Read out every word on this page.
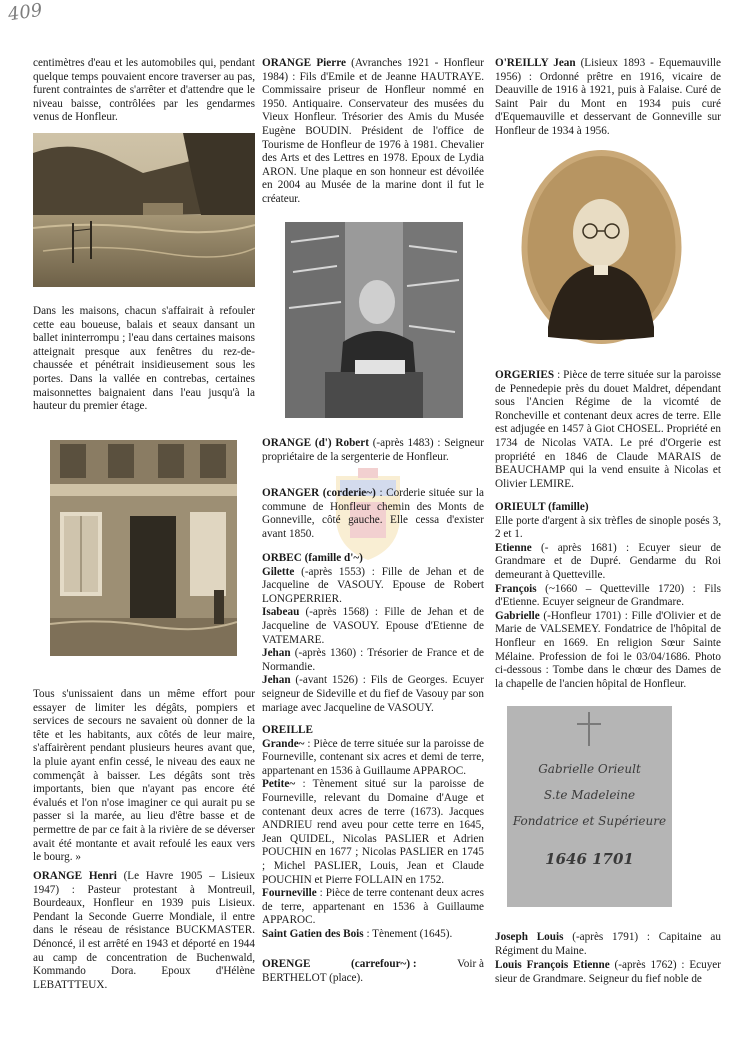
409

centimètres d'eau et les automobiles qui, pendant quelque temps pouvaient encore traverser au pas, furent contraintes de s'arrêter et d'attendre que le niveau baisse, contrôlées par les gendarmes venus de Honfleur.

Dans les maisons, chacun s'affairait à refouler cette eau boueuse, balais et seaux dansant un ballet ininterrompu ; l'eau dans certaines maisons atteignait presque aux fenêtres du rez-de-chaussée et pénétrait insidieusement sous les portes. Dans la vallée en contrebas, certaines maisonnettes baignaient dans l'eau jusqu'à la hauteur du premier étage.

Tous s'unissaient dans un même effort pour essayer de limiter les dégâts, pompiers et services de secours ne savaient où donner de la tête et les habitants, aux côtés de leur maire, s'affairèrent pendant plusieurs heures avant que, la pluie ayant enfin cessé, le niveau des eaux ne commençât à baisser. Les dégâts sont très importants, bien que n'ayant pas encore été évalués et l'on n'ose imaginer ce qui aurait pu se passer si la marée, au lieu d'être basse et de permettre de par ce fait à la rivière de se déverser avait été montante et avait refoulé les eaux vers le bourg. »

ORANGE Henri (Le Havre 1905 – Lisieux 1947) : Pasteur protestant à Montreuil, Bourdeaux, Honfleur en 1939 puis Lisieux. Pendant la Seconde Guerre Mondiale, il entre dans le réseau de résistance BUCKMASTER. Dénoncé, il est arrêté en 1943 et déporté en 1944 au camp de concentration de Buchenwald, Kommando Dora. Epoux d'Hélène LEBATTTEUX.

ORANGE Pierre (Avranches 1921 - Honfleur 1984) : Fils d'Emile et de Jeanne HAUTRAYE. Commissaire priseur de Honfleur nommé en 1950. Antiquaire. Conservateur des musées du Vieux Honfleur. Trésorier des Amis du Musée Eugène BOUDIN. Président de l'office de Tourisme de Honfleur de 1976 à 1981. Chevalier des Arts et des Lettres en 1978. Epoux de Lydia ARON. Une plaque en son honneur est dévoilée en 2004 au Musée de la marine dont il fut le créateur.

ORANGE (d') Robert (-après 1483) : Seigneur propriétaire de la sergenterie de Honfleur.

ORANGER (corderie~) : Corderie située sur la commune de Honfleur chemin des Monts de Gonneville, côté gauche. Elle cessa d'exister avant 1850.

ORBEC (famille d'~)

Gilette (-après 1553) : Fille de Jehan et de Jacqueline de VASOUY. Epouse de Robert LONGPERRIER.

Isabeau (-après 1568) : Fille de Jehan et de Jacqueline de VASOUY. Epouse d'Etienne de VATEMARE.

Jehan (-après 1360) : Trésorier de France et de Normandie.

Jehan (-avant 1526) : Fils de Georges. Ecuyer seigneur de Sideville et du fief de Vasouy par son mariage avec Jacqueline de VASOUY.

OREILLE

Grande~ : Pièce de terre située sur la paroisse de Fourneville, contenant six acres et demi de terre, appartenant en 1536 à Guillaume APPAROC.

Petite~ : Tènement situé sur la paroisse de Fourneville, relevant du Domaine d'Auge et contenant deux acres de terre (1673). Jacques ANDRIEU rend aveu pour cette terre en 1645, Jean QUIDEL, Nicolas PASLIER et Adrien POUCHIN en 1677 ; Nicolas PASLIER en 1745 ; Michel PASLIER, Louis, Jean et Claude POUCHIN et Pierre FOLLAIN en 1752.

Fourneville : Pièce de terre contenant deux acres de terre, appartenant en 1536 à Guillaume APPAROC.

Saint Gatien des Bois : Tènement (1645).

ORENGE	(carrefour~) :	Voir à

BERTHELOT (place).

O'REILLY Jean (Lisieux 1893 - Equemauville 1956) : Ordonné prêtre en 1916, vicaire de Deauville de 1916 à 1921, puis à Falaise. Curé de Saint Pair du Mont en 1934 puis curé d'Equemauville et desservant de Gonneville sur Honfleur de 1934 à 1956.

ORGERIES : Pièce de terre située sur la paroisse de Pennedepie près du douet Maldret, dépendant sous l'Ancien Régime de la vicomté de Roncheville et contenant deux acres de terre. Elle est adjugée en 1457 à Giot CHOSEL. Propriété en 1734 de Nicolas VATA. Le pré d'Orgerie est propriété en 1846 de Claude MARAIS de BEAUCHAMP qui la vend ensuite à Nicolas et Olivier LEMIRE.

ORIEULT (famille)

Elle porte d'argent à six trèfles de sinople posés 3, 2 et 1.

Etienne (- après 1681) : Ecuyer sieur de Grandmare et de Dupré. Gendarme du Roi demeurant à Quetteville.

François (~1660 – Quetteville 1720) : Fils d'Etienne. Ecuyer seigneur de Grandmare.

Gabrielle (-Honfleur 1701) : Fille d'Olivier et de Marie de VALSEMEY. Fondatrice de l'hôpital de Honfleur en 1669. En religion Sœur Sainte Mélaine. Profession de foi le 03/04/1686. Photo ci-dessous : Tombe dans le chœur des Dames de la chapelle de l'ancien hôpital de Honfleur.

Gabrielle Orieult
S.te Madeleine
Fondatrice et Supérieure
1646 1701

Joseph Louis (-après 1791) : Capitaine au Régiment du Maine.

Louis François Etienne (-après 1762) : Ecuyer sieur de Grandmare. Seigneur du fief noble de
